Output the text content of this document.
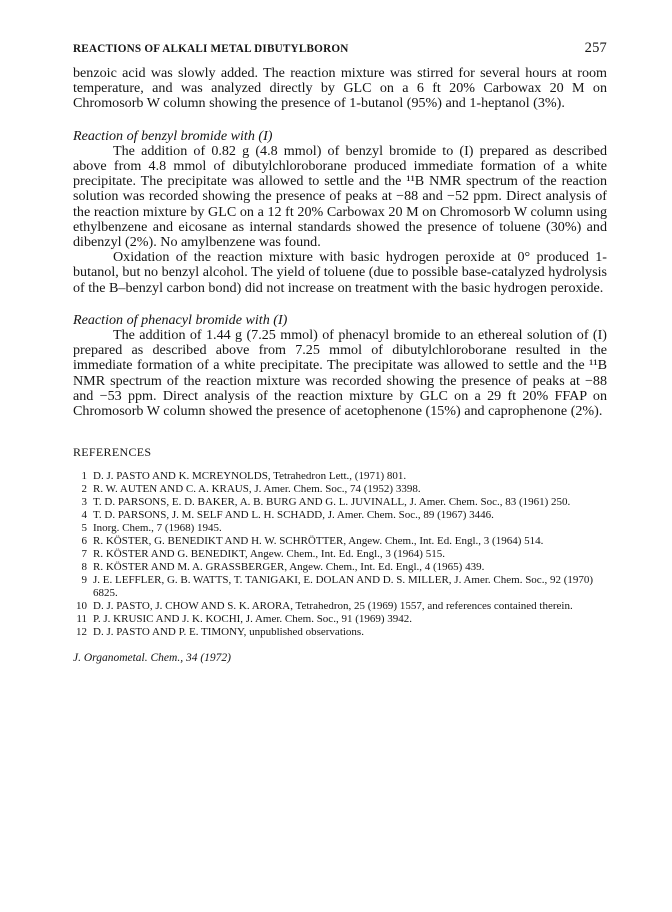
REACTIONS OF ALKALI METAL DIBUTYLBORON	257

benzoic acid was slowly added. The reaction mixture was stirred for several hours at room temperature, and was analyzed directly by GLC on a 6 ft 20% Carbowax 20 M on Chromosorb W column showing the presence of 1-butanol (95%) and 1-heptanol (3%).

Reaction of benzyl bromide with (I)

The addition of 0.82 g (4.8 mmol) of benzyl bromide to (I) prepared as described above from 4.8 mmol of dibutylchloroborane produced immediate formation of a white precipitate. The precipitate was allowed to settle and the ¹¹B NMR spectrum of the reaction solution was recorded showing the presence of peaks at −88 and −52 ppm. Direct analysis of the reaction mixture by GLC on a 12 ft 20% Carbowax 20 M on Chromosorb W column using ethylbenzene and eicosane as internal standards showed the presence of toluene (30%) and dibenzyl (2%). No amylbenzene was found.

Oxidation of the reaction mixture with basic hydrogen peroxide at 0° produced 1-butanol, but no benzyl alcohol. The yield of toluene (due to possible base-catalyzed hydrolysis of the B–benzyl carbon bond) did not increase on treatment with the basic hydrogen peroxide.

Reaction of phenacyl bromide with (I)

The addition of 1.44 g (7.25 mmol) of phenacyl bromide to an ethereal solution of (I) prepared as described above from 7.25 mmol of dibutylchloroborane resulted in the immediate formation of a white precipitate. The precipitate was allowed to settle and the ¹¹B NMR spectrum of the reaction mixture was recorded showing the presence of peaks at −88 and −53 ppm. Direct analysis of the reaction mixture by GLC on a 29 ft 20% FFAP on Chromosorb W column showed the presence of acetophenone (15%) and caprophenone (2%).

REFERENCES

1 D. J. PASTO AND K. MCREYNOLDS, Tetrahedron Lett., (1971) 801.
2 R. W. AUTEN AND C. A. KRAUS, J. Amer. Chem. Soc., 74 (1952) 3398.
3 T. D. PARSONS, E. D. BAKER, A. B. BURG AND G. L. JUVINALL, J. Amer. Chem. Soc., 83 (1961) 250.
4 T. D. PARSONS, J. M. SELF AND L. H. SCHADD, J. Amer. Chem. Soc., 89 (1967) 3446.
5 Inorg. Chem., 7 (1968) 1945.
6 R. KÖSTER, G. BENEDIKT AND H. W. SCHRÖTTER, Angew. Chem., Int. Ed. Engl., 3 (1964) 514.
7 R. KÖSTER AND G. BENEDIKT, Angew. Chem., Int. Ed. Engl., 3 (1964) 515.
8 R. KÖSTER AND M. A. GRASSBERGER, Angew. Chem., Int. Ed. Engl., 4 (1965) 439.
9 J. E. LEFFLER, G. B. WATTS, T. TANIGAKI, E. DOLAN AND D. S. MILLER, J. Amer. Chem. Soc., 92 (1970) 6825.
10 D. J. PASTO, J. CHOW AND S. K. ARORA, Tetrahedron, 25 (1969) 1557, and references contained therein.
11 P. J. KRUSIC AND J. K. KOCHI, J. Amer. Chem. Soc., 91 (1969) 3942.
12 D. J. PASTO AND P. E. TIMONY, unpublished observations.
J. Organometal. Chem., 34 (1972)
